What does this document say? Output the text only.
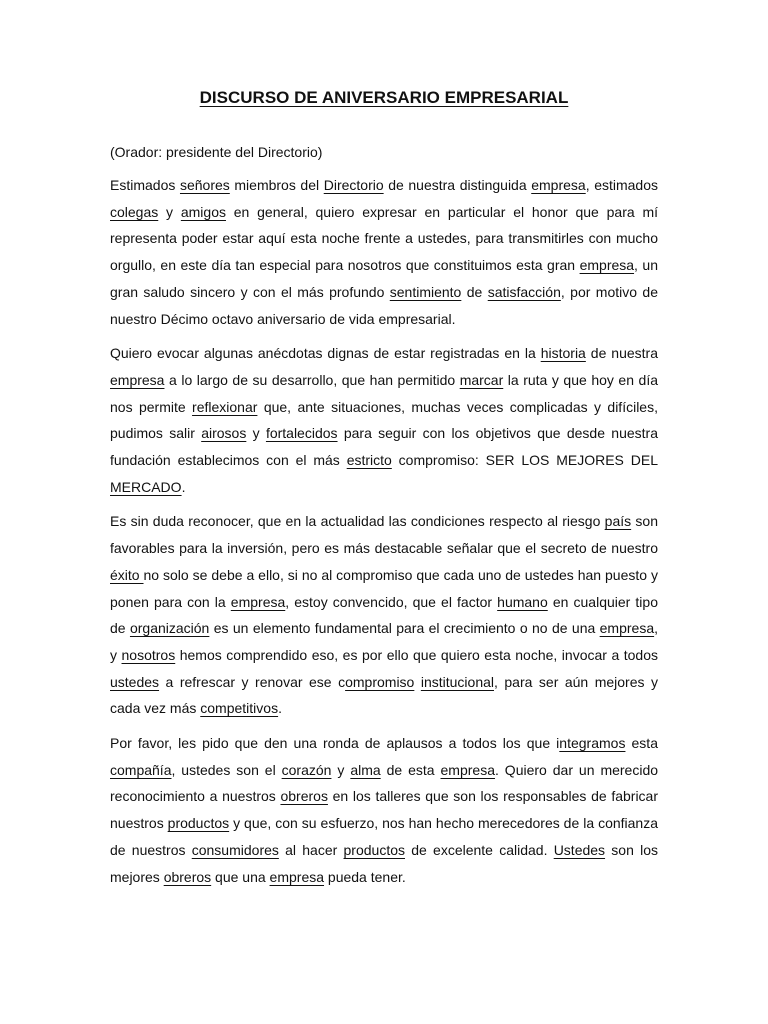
DISCURSO DE ANIVERSARIO EMPRESARIAL

(Orador: presidente del Directorio)

Estimados señores miembros del Directorio de nuestra distinguida empresa, estimados colegas y amigos en general, quiero expresar en particular el honor que para mí representa poder estar aquí esta noche frente a ustedes, para transmitirles con mucho orgullo, en este día tan especial para nosotros que constituimos esta gran empresa, un gran saludo sincero y con el más profundo sentimiento de satisfacción, por motivo de nuestro Décimo octavo aniversario de vida empresarial.

Quiero evocar algunas anécdotas dignas de estar registradas en la historia de nuestra empresa a lo largo de su desarrollo, que han permitido marcar la ruta y que hoy en día nos permite reflexionar que, ante situaciones, muchas veces complicadas y difíciles, pudimos salir airosos y fortalecidos para seguir con los objetivos que desde nuestra fundación establecimos con el más estricto compromiso: SER LOS MEJORES DEL MERCADO.

Es sin duda reconocer, que en la actualidad las condiciones respecto al riesgo país son favorables para la inversión, pero es más destacable señalar que el secreto de nuestro éxito no solo se debe a ello, si no al compromiso que cada uno de ustedes han puesto y ponen para con la empresa, estoy convencido, que el factor humano en cualquier tipo de organización es un elemento fundamental para el crecimiento o no de una empresa, y nosotros hemos comprendido eso, es por ello que quiero esta noche, invocar a todos ustedes a refrescar y renovar ese compromiso institucional, para ser aún mejores y cada vez más competitivos.

Por favor, les pido que den una ronda de aplausos a todos los que integramos esta compañía, ustedes son el corazón y alma de esta empresa. Quiero dar un merecido reconocimiento a nuestros obreros en los talleres que son los responsables de fabricar nuestros productos y que, con su esfuerzo, nos han hecho merecedores de la confianza de nuestros consumidores al hacer productos de excelente calidad. Ustedes son los mejores obreros que una empresa pueda tener.
